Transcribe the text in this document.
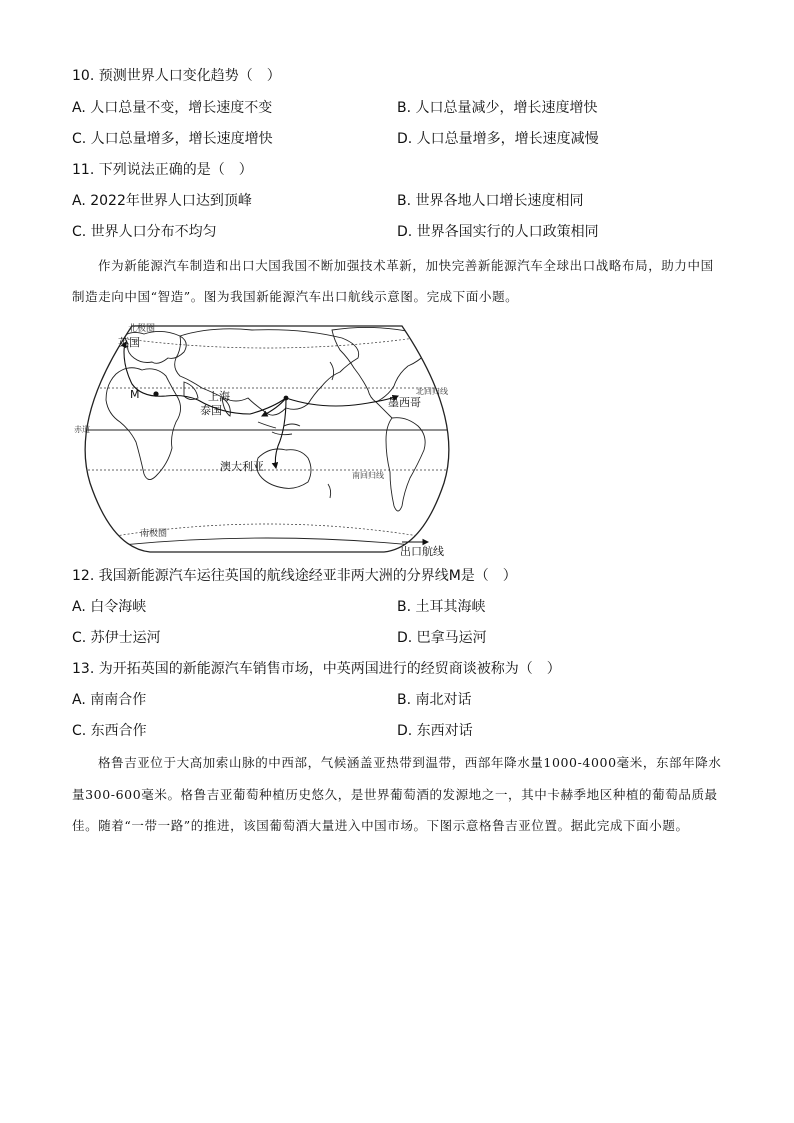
10. 预测世界人口变化趋势（　）
A. 人口总量不变，增长速度不变	B. 人口总量减少，增长速度增快
C. 人口总量增多，增长速度增快	D. 人口总量增多，增长速度减慢
11. 下列说法正确的是（　）
A. 2022年世界人口达到顶峰	B. 世界各地人口增长速度相同
C. 世界人口分布不均匀	D. 世界各国实行的人口政策相同
作为新能源汽车制造和出口大国我国不断加强技术革新，加快完善新能源汽车全球出口战略布局，助力中国制造走向中国“智造”。图为我国新能源汽车出口航线示意图。完成下面小题。
北极圈
英国
M	上海
泰国
墨西哥
北回归线
赤道
澳大利亚
南回归线
南极圈
出口航线
12. 我国新能源汽车运往英国的航线途经亚非两大洲的分界线M是（　）
A. 白令海峡	B. 土耳其海峡
C. 苏伊士运河	D. 巴拿马运河
13. 为开拓英国的新能源汽车销售市场，中英两国进行的经贸商谈被称为（　）
A. 南南合作	B. 南北对话
C. 东西合作	D. 东西对话
格鲁吉亚位于大高加索山脉的中西部，气候涵盖亚热带到温带，西部年降水量1000-4000毫米，东部年降水量300-600毫米。格鲁吉亚葡萄种植历史悠久，是世界葡萄酒的发源地之一，其中卡赫季地区种植的葡萄品质最佳。随着“一带一路”的推进，该国葡萄酒大量进入中国市场。下图示意格鲁吉亚位置。据此完成下面小题。
